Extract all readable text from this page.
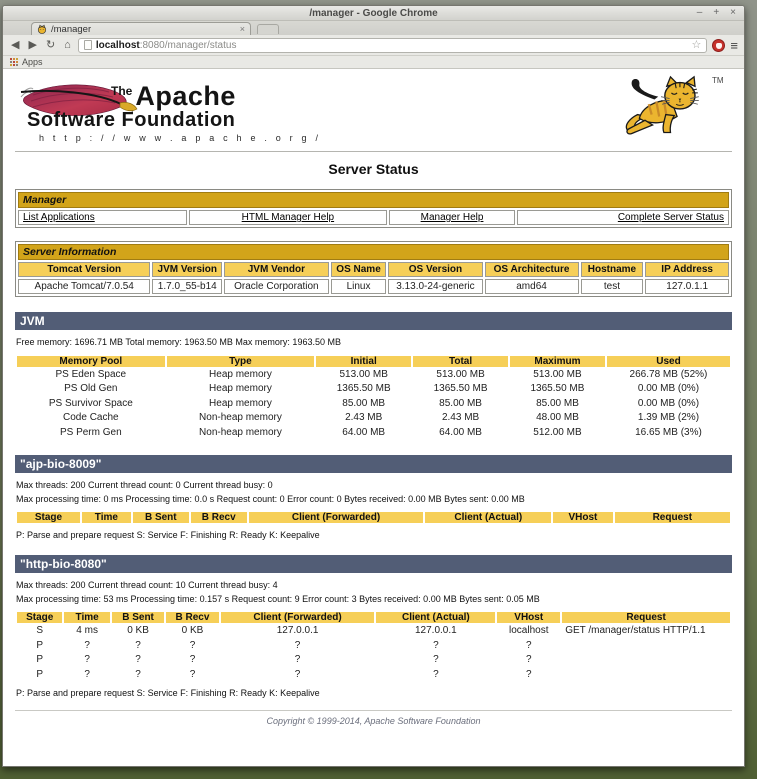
/manager - Google Chrome	– + ×
/manager	×
◀ ▶ ↻ ⌂	localhost:8080/manager/status	☆ ≡
Apps
$^{The}$ Apache
Software Foundation
h t t p : / / w w w . a p a c h e . o r g /

TM
Server Status
Manager
List Applications	HTML Manager Help	Manager Help	Complete Server Status
Server Information							
Tomcat Version	JVM Version	JVM Vendor	OS Name	OS Version	OS Architecture	Hostname	IP Address
Apache Tomcat/7.0.54	1.7.0_55-b14	Oracle Corporation	Linux	3.13.0-24-generic	amd64	test	127.0.1.1
JVM
Free memory: 1696.71 MB Total memory: 1963.50 MB Max memory: 1963.50 MB
Memory Pool	Type	Initial	Total	Maximum	Used
PS Eden Space	Heap memory	513.00 MB	513.00 MB	513.00 MB	266.78 MB (52%)
PS Old Gen	Heap memory	1365.50 MB	1365.50 MB	1365.50 MB	0.00 MB (0%)
PS Survivor Space	Heap memory	85.00 MB	85.00 MB	85.00 MB	0.00 MB (0%)
Code Cache	Non-heap memory	2.43 MB	2.43 MB	48.00 MB	1.39 MB (2%)
PS Perm Gen	Non-heap memory	64.00 MB	64.00 MB	512.00 MB	16.65 MB (3%)
"ajp-bio-8009"
Max threads: 200 Current thread count: 0 Current thread busy: 0
Max processing time: 0 ms Processing time: 0.0 s Request count: 0 Error count: 0 Bytes received: 0.00 MB Bytes sent: 0.00 MB
Stage	Time	B Sent	B Recv	Client (Forwarded)	Client (Actual)	VHost	Request
P: Parse and prepare request S: Service F: Finishing R: Ready K: Keepalive
"http-bio-8080"
Max threads: 200 Current thread count: 10 Current thread busy: 4
Max processing time: 53 ms Processing time: 0.157 s Request count: 9 Error count: 3 Bytes received: 0.00 MB Bytes sent: 0.05 MB
Stage	Time	B Sent	B Recv	Client (Forwarded)	Client (Actual)	VHost	Request
S	4 ms	0 KB	0 KB	127.0.0.1	127.0.0.1	localhost	GET /manager/status HTTP/1.1
P	?	?	?	?	?	?	
P	?	?	?	?	?	?	
P	?	?	?	?	?	?	
P: Parse and prepare request S: Service F: Finishing R: Ready K: Keepalive
Copyright © 1999-2014, Apache Software Foundation
